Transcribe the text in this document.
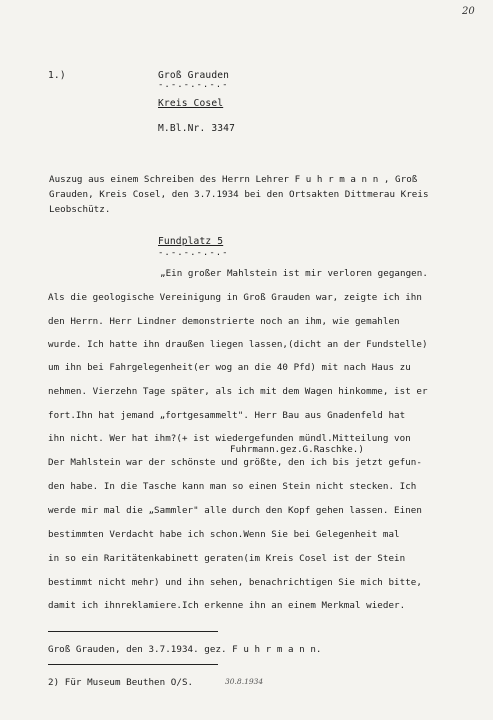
20
1.)	Groß Grauden
-.-.-.-.-.-
Kreis Cosel
M.Bl.Nr. 3347
Auszug aus einem Schreiben des Herrn Lehrer F u h r m a n n , Groß
Grauden, Kreis Cosel, den 3.7.1934 bei den Ortsakten Dittmerau Kreis
Leobschütz.
Fundplatz 5
-.-.-.-.-.-
„Ein großer Mahlstein ist mir verloren gegangen.
Als die geologische Vereinigung in Groß Grauden war, zeigte ich ihn
den Herrn. Herr Lindner demonstrierte noch an ihm, wie gemahlen
wurde. Ich hatte ihn draußen liegen lassen,(dicht an der Fundstelle)
um ihn bei Fahrgelegenheit(er wog an die 40 Pfd) mit nach Haus zu
nehmen. Vierzehn Tage später, als ich mit dem Wagen hinkomme, ist er
fort.Ihn hat jemand „fortgesammelt". Herr Bau aus Gnadenfeld hat
ihn nicht. Wer hat ihm?(+ ist wiedergefunden mündl.Mitteilung von
Fuhrmann.gez.G.Raschke.)
Der Mahlstein war der schönste und größte, den ich bis jetzt gefun-
den habe. In die Tasche kann man so einen Stein nicht stecken. Ich
werde mir mal die „Sammler" alle durch den Kopf gehen lassen. Einen
bestimmten Verdacht habe ich schon.Wenn Sie bei Gelegenheit mal
in so ein Raritätenkabinett geraten(im Kreis Cosel ist der Stein
bestimmt nicht mehr) und ihn sehen, benachrichtigen Sie mich bitte,
damit ich ihnreklamiere.Ich erkenne ihn an einem Merkmal wieder.
Groß Grauden, den 3.7.1934. gez. F u h r m a n n.
2) Für Museum Beuthen O/S.	30.8.1934
